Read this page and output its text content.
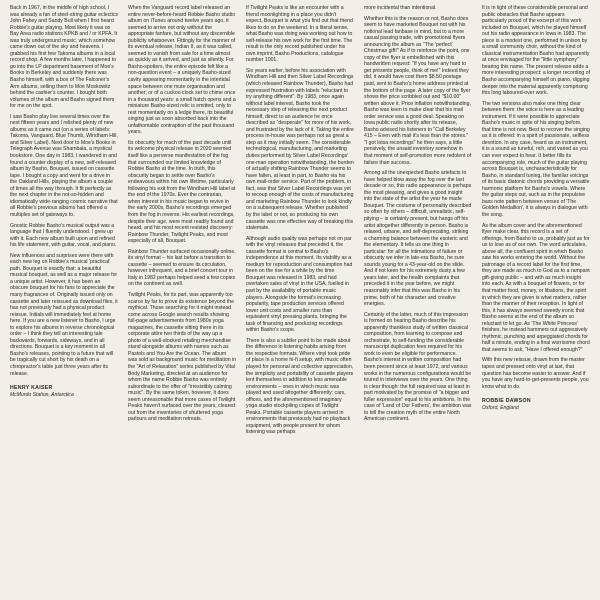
Back in 1967, in the middle of high school, I was already a fan of steel-string guitar eclectics John Fahey and Sandy Bull when I first heard Robbie's guitar playing. Most likely it was on Bay Area radio stations KPKB and / or KPFA. It was truly underground music, which somehow came down out of the sky and heavens. I grabbed his first few Takoma albums in a local record shop. A few months later, I happened to go into the LP department basement of Moe's Books in Berkeley and suddenly there was Basho himself, with a box of The Falconer's Arm albums, selling them to Moe Moskowitz behind the cashier's counter. I bought both volumes of the album and Basho signed them for me on the spot.

I saw Basho play live several times over the next fifteen years and I relished plenty of new albums as it came out (on a series of labels: Takoma, Vanguard, Blue Thumb, Windham Hill, and Silver Label). Next door to Moe's Books in Telegraph Avenue was Shambala, a mystical bookstore. One day in 1983, I wandered in and found a counter display of a new, self-released album by Basho, Bouquet, issued on cassette tape. I bought a copy and went for a drive in the Oakland Hills, playing the album a couple of times all the way through. It fit perfectly as the next chapter in the not-so-hidden and idiomatically wide-ranging cosmic narrative that all Robbie's previous albums had offered a multiplex set of gateways to.

Gnostic Robbie Basho's musical output was a language that I fluently understood. I grew up with it. Each new album built upon and refined his life statement, with guitar, vocal, and piano.

New influences and surprises were there with each new leg on Robbie's musical 'practical' path. Bouquet is exactly that: a beautiful musical bouquet, as well as a major release for a unique artist. However, it has been an obscure bouquet for his fans to appreciate the many fragrances of. Originally issued only on cassette and later reissued as download files, it has not previously had a physical product reissue. Initials will immediately feel at home here. If you are a new listener to Basho, I urge to explore his albums in reverse chronological order – I think they tell an interesting tale backwards, forwards, sideways, and in all directions. Bouquet is a key moment in all Basho's releases, pointing to a future that will be tragically cut short by his death on a chiropractor's table just three years after its release.

HENRY KAISER
McMurdo Station, Antarctica

When the Vanguard record label released an entire never-before-heard Robbie Basho studio album on iTunes around twelve years ago, it seemed to arrive not only without the appropriate fanfare, but without any discernible publicity whatsoever. Fittingly for the manner of its eventual release, Indian II, as it was called, seemed to vanish from sale for a time almost as quickly as it arrived, and just as silently. For Basho-spotters, the entire episode felt like a non-question event – a uniquely Basho-sized cavity appearing momentarily in the intertidal space between one mute organisation and another; or of a cuckoo clock set to chime once in a thousand years: a small hatch opens and a miniature Basho-sized relic is emitted, only to rest momentarily on a ledge there, its beautiful singing just as soon absorbed back into the unfathomable contraption of the past thousand years.

Its obscurity for much of the past decade until its welcome physical release in 2020 seemed itself like a perverse manifestation of the fog that surrounded our limited knowledge of Robbie Basho at the time. In truth, this obscurity began to settle over Basho's endeavours within his own lifetime, particularly following his exit from the Windham Hill label at the end of the 1970s. Ever the contrarian, when interest in his music began to revive in the early 2000s, Basho's recordings emerged from the fog in reverse. His earliest recordings, despite their age, were most readily found and heard, and his most recent resisted discovery: Rainbow Thunder, Twilight Peaks, and most especially of all, Bouquet.

Rainbow Thunder surfaced occasionally online, its vinyl format – his last before a transition to cassette – seemed to ensure its circulation, however infrequent, and a brief concert tour in Italy in 1982 perhaps helped seed a few copies on the continent as well.

Twilight Peaks, for its part, was apparently too scarce by far to prove its existence beyond the mythical. Those searching for it might instead come across Google search results showing full-page advertisements from 1980s yoga magazines, the cassette sitting there in its corporate attire two thirds of the way up a photo of a well-stocked retailing merchandise stand alongside albums with names such as Pastels and You Are the Ocean. The album was sold as background music for meditation in the "Art of Relaxation" series published by Vital Body Marketing, directed at an audience for whom the name Robbie Basho was entirely subordinate to the offer of "irresistibly calming music". By the same token, however, it does seem unreasonable that more cases of Twilight Peaks haven't surfaced over the years, cleared out from the inventories of shuttered yoga parlours and meditation retreats.

If Twilight Peaks is like an encounter with a friend moonlighting in a place you didn't expect, Bouquet is what you find out that friend likes to do on the weekend. In a literal sense, what Basho was doing was working out how to self-release his own work for the first time. The result is the only record published under his own imprint, Basho Productions, catalogue number 1001.

Six years earlier, before his association with Windham Hill and then Silver Label Recordings (which released Rainbow Thunder), Basho had expressed frustration with labels "reluctant to try anything different". By 1983, once again without label interest, Basho took the necessary step of releasing the next product himself, direct to an audience he once described as "desperate" for more of his work, and frustrated by the lack of it. Taking the entire process in-house was perhaps not as great a step as it may initially seem. The considerable technological, manufacturing, and marketing duties performed by Silver Label Recordings' one-man operation notwithstanding, the burden of actually shifting Rainbow Thunder seems to have fallen, at least in part, to Basho via his own mail-order service. Part of the problem, in fact, was that Silver Label Recordings was yet to recoup enough of the costs of manufacturing and marketing Rainbow Thunder to look kindly on a subsequent release. Whether published by the label or not, so producing his own cassette was one effective way of breaking this stalemate.

Although audio quality was perhaps not on par with the vinyl releases that preceded it, the cassette format is central to Basho's independence at this moment. Its viability as a medium for reproduction and consumption had been on the rise for a while by the time Bouquet was released in 1983, and had overtaken sales of vinyl in the USA, fuelled in part by the availability of portable music players. Alongside the format's increasing popularity, tape production services offered lower unit costs and smaller runs than equivalent vinyl pressing plants, bringing the task of financing and producing recordings within Basho's scope.

There is also a subtler point to be made about the difference in listening habits arising from the respective formats. Where vinyl took pride of place in a home hi-fi setup, with music often played for personal and collective appreciation, the simplicity and portability of cassette players lent themselves in addition to less amenable environments – ones in which music was played and used altogether differently: cars, offices, and the aforementioned imaginary yoga studio stockpiling copies of Twilight Peaks. Portable cassette players arrived in environments that previously had no playback equipment, with people present for whom listening was perhaps

more incidental than intentional.

Whether this is the reason or not, Basho does seem to have marketed Bouquet not with his notional lead fanbase in mind, but to a more casual passing trade, with promotional flyers announcing the album as "The 'perfect' Christmas gift!" As if to reinforce the point, one copy of the flyer is embellished with this handwritten request: "If you have any hard to get presents people, think of me!" Indeed they did, it would have cost them $8.50 postage paid, sent to Basho's home address printed at the bottom of the page. A later copy of the flyer shows the price scribbled out and "$10.00" written above it. Price inflation notwithstanding, Basho was keen to make clear that his mail order service was a good deal. Speaking on Iowa public radio shortly after its release, Basho advised his listeners to "Call Berkeley 415 – Even with mail it's less than the stores." "I got lotsa recordings" he then says, a little pensively, the unsaid inventory somehow in that moment of self-promotion more redolent of failure than success.

Among all the unexpected Basho artefacts to have helped blow away the fog over the last decade or so, this radio appearance is perhaps the most pleasing, and gives a good insight into the state of the artist the year he made Bouquet. The costume of personality described so often by others – difficult, unrealistic, self-pitying – is certainly present, but hangs off his artist altogether differently in person. Basho is relaxed, urbane, and self-deprecating, striking a charming balance between the esoteric and the elementary. It tells us one thing in particular: for all the intimations of failure or obscurity we infer in late-era Basho, he sure sounds young for a 43-year-old on the slide. And if not keen for his extremely dusty a few years later, and the health complaints that preceded it in the year before, we might reasonably infer that this was Basho in his prime, both of his character and creative energies.

Certainly of the latter, much of this impression is formed on hearing Basho describe his apparently thankless study of written classical composition, from learning to compose and orchestrate, to self-funding the considerable manuscript duplication fees required for his work to even be eligible for performance. Basho's interest in written composition had been present since at least 1972, and various works in the numerous configurations would be toured in interviews over the years. One thing is clear though: the full required was at least in part motivated by the promise of "a bigger and fuller expression" equal to his ambitions. In the case of 'Land of Our Fathers', the ambition was to tell the creation myth of the entire North American continent.

It is in light of these considerable personal and public obstacles that Basho appears particularly proud of the excerpt of this work included on Bouquet, which he played himself out his radio appearance in lowa in 1983. The piece is a modest one, performed in unison by a small community choir, without the kind of classical instrumentation Basho had apparently at once envisaged for the "little symphony" bearing this name. The present release adds a more interesting prospect: a longer recording of Basho accompanying himself on piano, digging deeper into the material apparently comprising this long laboured-over work.

The two versions also make one thing clear between them: the voice is here as a leading instrument. If it were possible to appreciate Basho's music in spite of his singing before, that time is not now. Best to recover the singing as it is offered: in a spirit of passionate, selfless devotion. In any case, heard as an instrument, it is a sound as tuneful, rich, and varied as you can ever expect to hear. It better fills its accompanying role, much of the guitar playing across Bouquet is, uncharacteristically for Basho, in standard tuning, the familiar voicings of its basic diatonic chords providing a versatile harmonic platform for Basho's vowels. Where the guitar steps out, such as in the propulsive bass note pattern between verses of 'The Golden Medallion', it is always in dialogue with the song.

As the album cover and the aforementioned flyer make clear, this record is a set of offerings, from Basho to us, probably just as for us to love as of our own. The word articulates, above all, the confluent spirit in which Basho saw his works entering the world. Without the patronage of a record label for the first time, they are made as much to God as to a rampant gift-giving public – and with as much insight into each. As with a bouquet of flowers, or for that matter food, money, or libations, the spirit in which they are given is what matters, rather than the manner of their reception. In light of this, it has always seemed sweetly ironic that Basho seems at the end of the album so reluctant to let go. As 'The White Princess' finishes, he instead hammers out aggressively rhythmic, punching and arpeggiated chords for half a minute, ending in a final worrisome chord that seems to ask, "Have I offered enough?"

With this new reissue, drawn from the master tapes and pressed onto vinyl at last, that question has become easier to answer. And if you have any hard-to-get-presents people, you know what to do.

ROBBIE DAWSON
Oxford, England
